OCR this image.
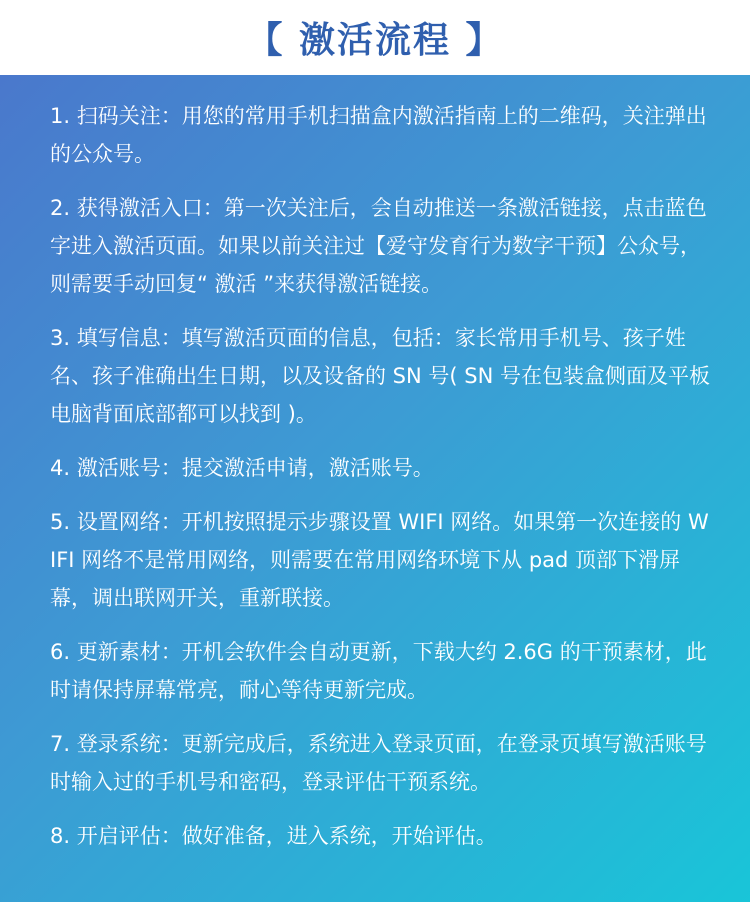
【 激活流程 】
1. 扫码关注：用您的常用手机扫描盒内激活指南上的二维码，关注弹出的公众号。
2. 获得激活入口：第一次关注后，会自动推送一条激活链接，点击蓝色字进入激活页面。如果以前关注过【爱守发育行为数字干预】公众号，则需要手动回复“ 激活 ”来获得激活链接。
3. 填写信息：填写激活页面的信息，包括：家长常用手机号、孩子姓名、孩子准确出生日期，以及设备的 SN 号( SN 号在包装盒侧面及平板电脑背面底部都可以找到 )。
4. 激活账号：提交激活申请，激活账号。
5. 设置网络：开机按照提示步骤设置 WIFI 网络。如果第一次连接的 WIFI 网络不是常用网络，则需要在常用网络环境下从 pad 顶部下滑屏幕，调出联网开关，重新联接。
6. 更新素材：开机会软件会自动更新，下载大约 2.6G 的干预素材，此时请保持屏幕常亮，耐心等待更新完成。
7. 登录系统：更新完成后，系统进入登录页面，在登录页填写激活账号时输入过的手机号和密码，登录评估干预系统。
8. 开启评估：做好准备，进入系统，开始评估。
